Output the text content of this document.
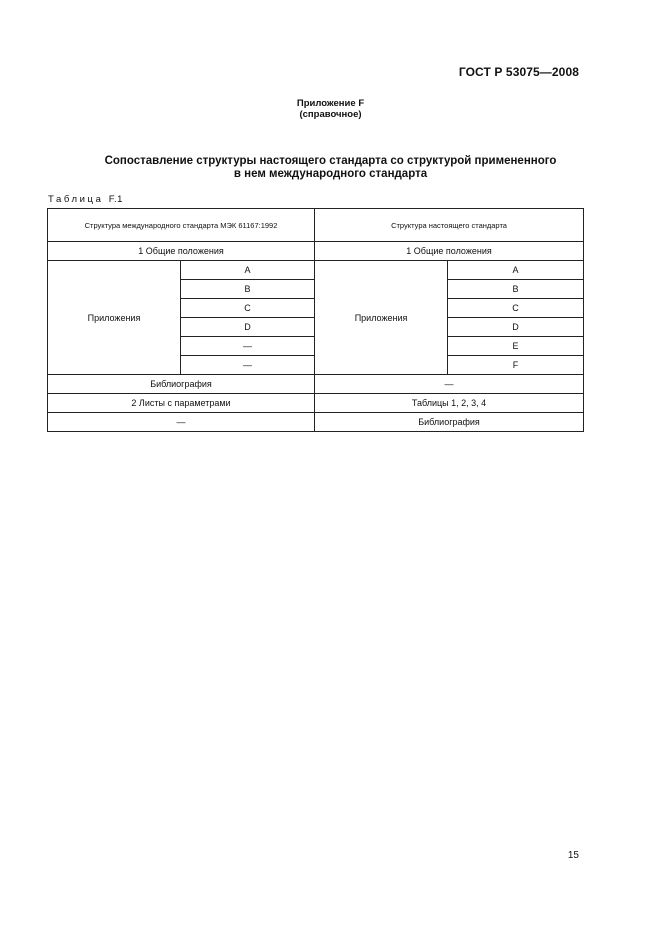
ГОСТ Р 53075—2008
Приложение F
(справочное)
Сопоставление структуры настоящего стандарта со структурой примененного
в нем международного стандарта
Таблица F.1
Структура международного стандарта МЭК 61167:1992		Структура настоящего стандарта	
1 Общие положения		1 Общие положения	
Приложения	A	Приложения	A
	B		B
	C		C
	D		D
	—		E
	—		F
Библиография		—	
2 Листы с параметрами		Таблицы 1, 2, 3, 4	
—		Библиография	
15
